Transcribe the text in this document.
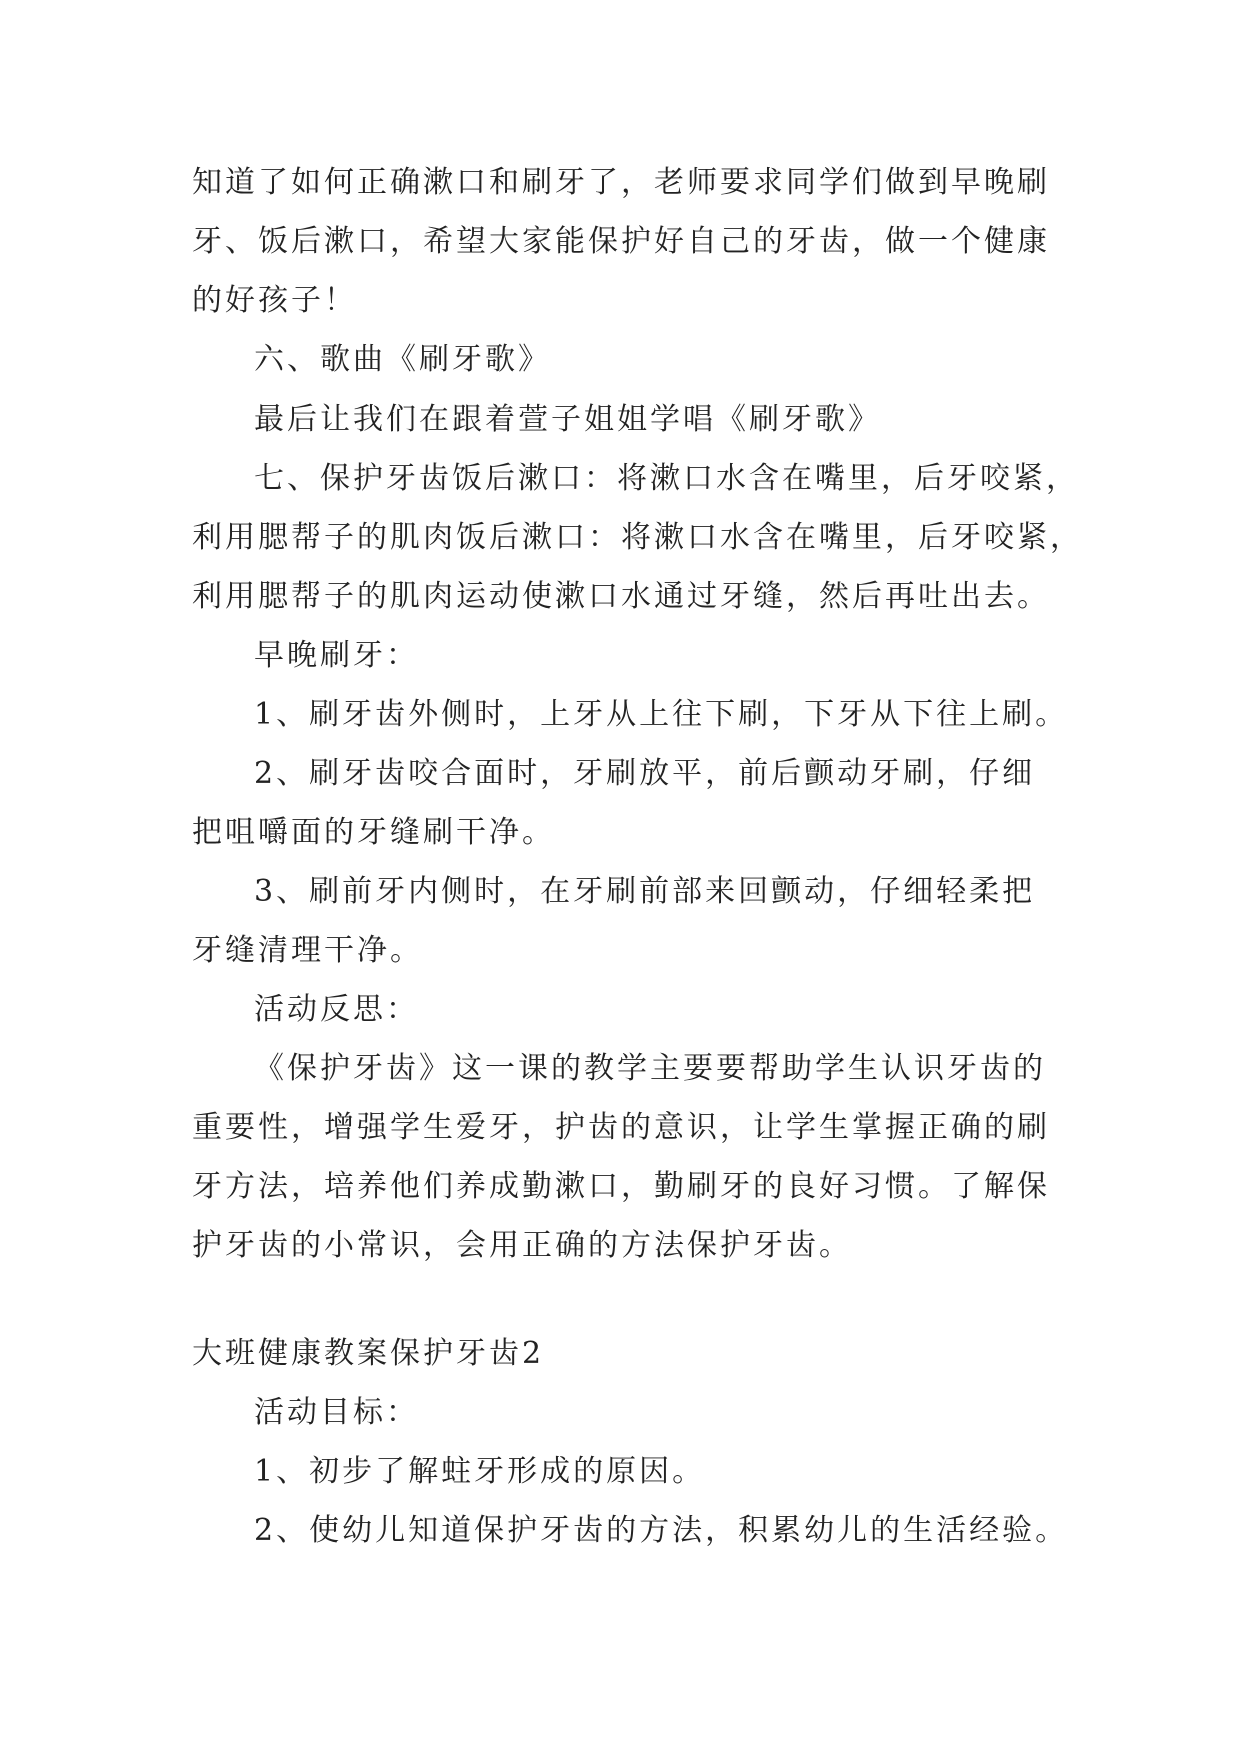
知道了如何正确漱口和刷牙了，老师要求同学们做到早晚刷
牙、饭后漱口，希望大家能保护好自己的牙齿，做一个健康
的好孩子！
六、歌曲《刷牙歌》
最后让我们在跟着萱子姐姐学唱《刷牙歌》
七、保护牙齿饭后漱口：将漱口水含在嘴里，后牙咬紧，
利用腮帮子的肌肉饭后漱口：将漱口水含在嘴里，后牙咬紧，
利用腮帮子的肌肉运动使漱口水通过牙缝，然后再吐出去。
早晚刷牙：
1、刷牙齿外侧时，上牙从上往下刷，下牙从下往上刷。
2、刷牙齿咬合面时，牙刷放平，前后颤动牙刷，仔细
把咀嚼面的牙缝刷干净。
3、刷前牙内侧时，在牙刷前部来回颤动，仔细轻柔把
牙缝清理干净。
活动反思：
《保护牙齿》这一课的教学主要要帮助学生认识牙齿的
重要性，增强学生爱牙，护齿的意识，让学生掌握正确的刷
牙方法，培养他们养成勤漱口，勤刷牙的良好习惯。了解保
护牙齿的小常识，会用正确的方法保护牙齿。
大班健康教案保护牙齿2
活动目标：
1、初步了解蛀牙形成的原因。
2、使幼儿知道保护牙齿的方法，积累幼儿的生活经验。
